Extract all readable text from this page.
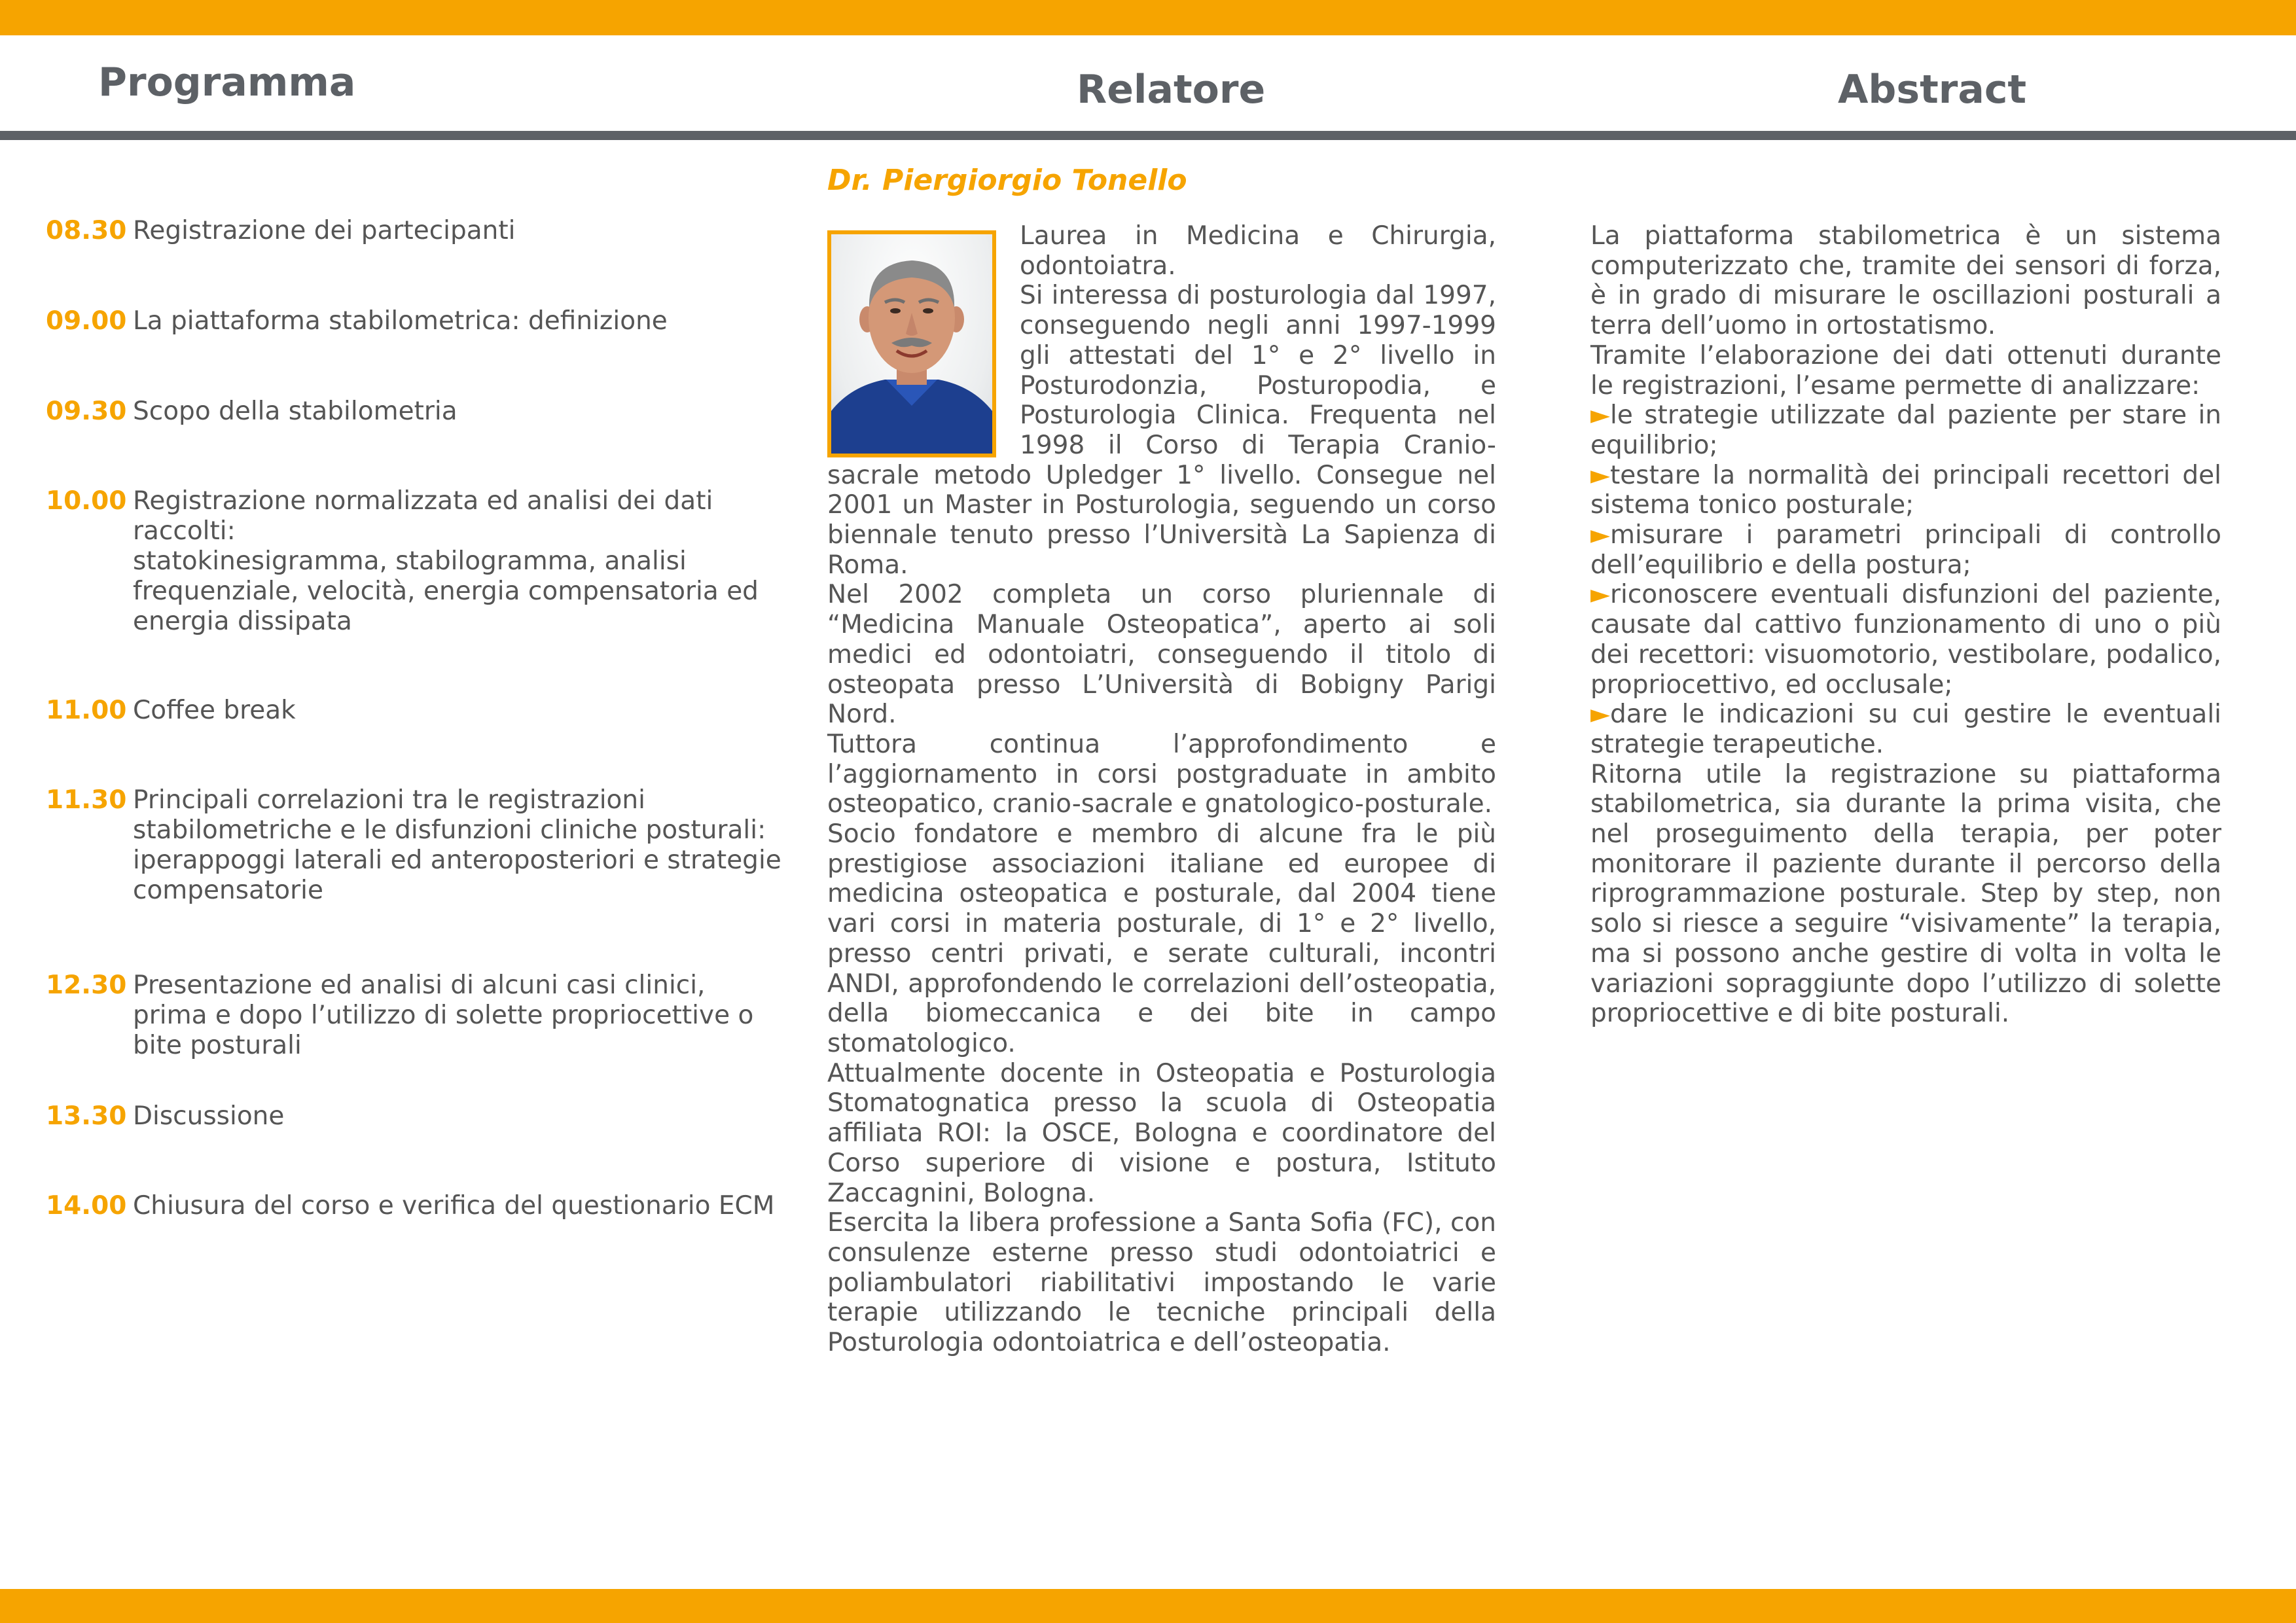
Programma	Relatore	Abstract
08.30 Registrazione dei partecipanti
09.00 La piattaforma stabilometrica: definizione
09.30 Scopo della stabilometria
10.00 Registrazione normalizzata ed analisi dei dati raccolti:
statokinesigramma, stabilogramma, analisi frequenziale, velocità, energia compensatoria ed energia dissipata
11.00 Coffee break
11.30 Principali correlazioni tra le registrazioni stabilometriche e le disfunzioni cliniche posturali: iperappoggi laterali ed anteroposteriori e strategie compensatorie
12.30 Presentazione ed analisi di alcuni casi clinici, prima e dopo l’utilizzo di solette propriocettive o bite posturali
13.30 Discussione
14.00 Chiusura del corso e verifica del questionario ECM
Dr. Piergiorgio Tonello

Laurea in Medicina e Chirurgia, odontoiatra.

Si interessa di posturologia dal 1997, conseguendo negli anni 1997-1999 gli attestati del 1° e 2° livello in Posturodonzia, Posturopodia, e Posturologia Clinica. Frequenta nel 1998 il Corso di Terapia Cranio-sacrale metodo Upledger 1° livello. Consegue nel 2001 un Master in Posturologia, seguendo un corso biennale tenuto presso l’Università La Sapienza di Roma.

Nel 2002 completa un corso pluriennale di “Medicina Manuale Osteopatica”, aperto ai soli medici ed odontoiatri, conseguendo il titolo di osteopata presso L’Università di Bobigny Parigi Nord.

Tuttora continua l’approfondimento e l’aggiornamento in corsi postgraduate in ambito osteopatico, cranio-sacrale e gnatologico-posturale.

Socio fondatore e membro di alcune fra le più prestigiose associazioni italiane ed europee di medicina osteopatica e posturale, dal 2004 tiene vari corsi in materia posturale, di 1° e 2° livello, presso centri privati, e serate culturali, incontri ANDI, approfondendo le correlazioni dell’osteopatia, della biomeccanica e dei bite in campo stomatologico.

Attualmente docente in Osteopatia e Posturologia Stomatognatica presso la scuola di Osteopatia affiliata ROI: la OSCE, Bologna e coordinatore del Corso superiore di visione e postura, Istituto Zaccagnini, Bologna.

Esercita la libera professione a Santa Sofia (FC), con consulenze esterne presso studi odontoiatrici e poliambulatori riabilitativi impostando le varie terapie utilizzando le tecniche principali della Posturologia odontoiatrica e dell’osteopatia.

La piattaforma stabilometrica è un sistema computerizzato che, tramite dei sensori di forza, è in grado di misurare le oscillazioni posturali a terra dell’uomo in ortostatismo.

Tramite l’elaborazione dei dati ottenuti durante le registrazioni, l’esame permette di analizzare:

►le strategie utilizzate dal paziente per stare in equilibrio;

►testare la normalità dei principali recettori del sistema tonico posturale;

►misurare i parametri principali di controllo dell’equilibrio e della postura;

►riconoscere eventuali disfunzioni del paziente, causate dal cattivo funzionamento di uno o più dei recettori: visuomotorio, vestibolare, podalico, propriocettivo, ed occlusale;

►dare le indicazioni su cui gestire le eventuali strategie terapeutiche.

Ritorna utile la registrazione su piattaforma stabilometrica, sia durante la prima visita, che nel proseguimento della terapia, per poter monitorare il paziente durante il percorso della riprogrammazione posturale. Step by step, non solo si riesce a seguire “visivamente” la terapia, ma si possono anche gestire di volta in volta le variazioni sopraggiunte dopo l’utilizzo di solette propriocettive e di bite posturali.
